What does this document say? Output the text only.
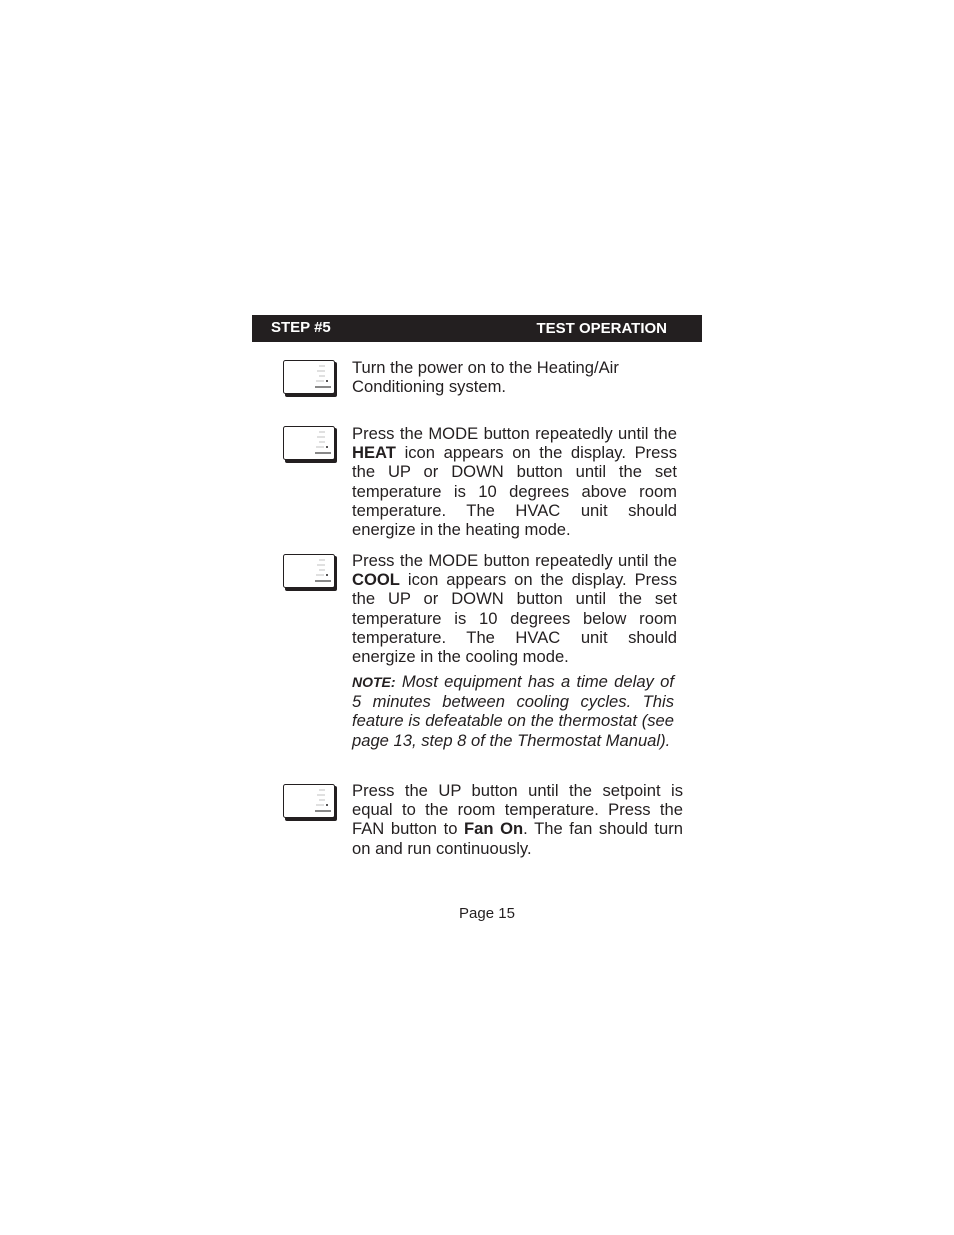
STEP #5	TEST OPERATION
Turn the power on to the Heating/Air Conditioning system.
Press the MODE button repeatedly until the HEAT icon appears on the display. Press the UP or DOWN button until the set temperature is 10 degrees above room temperature. The HVAC unit should energize in the heating mode.
Press the MODE button repeatedly until the COOL icon appears on the display. Press the UP or DOWN button until the set temperature is 10 degrees below room temperature. The HVAC unit should energize in the cooling mode.
NOTE: Most equipment has a time delay of 5 minutes between cooling cycles. This feature is defeatable on the thermostat (see page 13, step 8 of the Thermostat Manual).
Press the UP button until the setpoint is equal to the room temperature. Press the FAN button to Fan On. The fan should turn on and run continuously.
Page 15
